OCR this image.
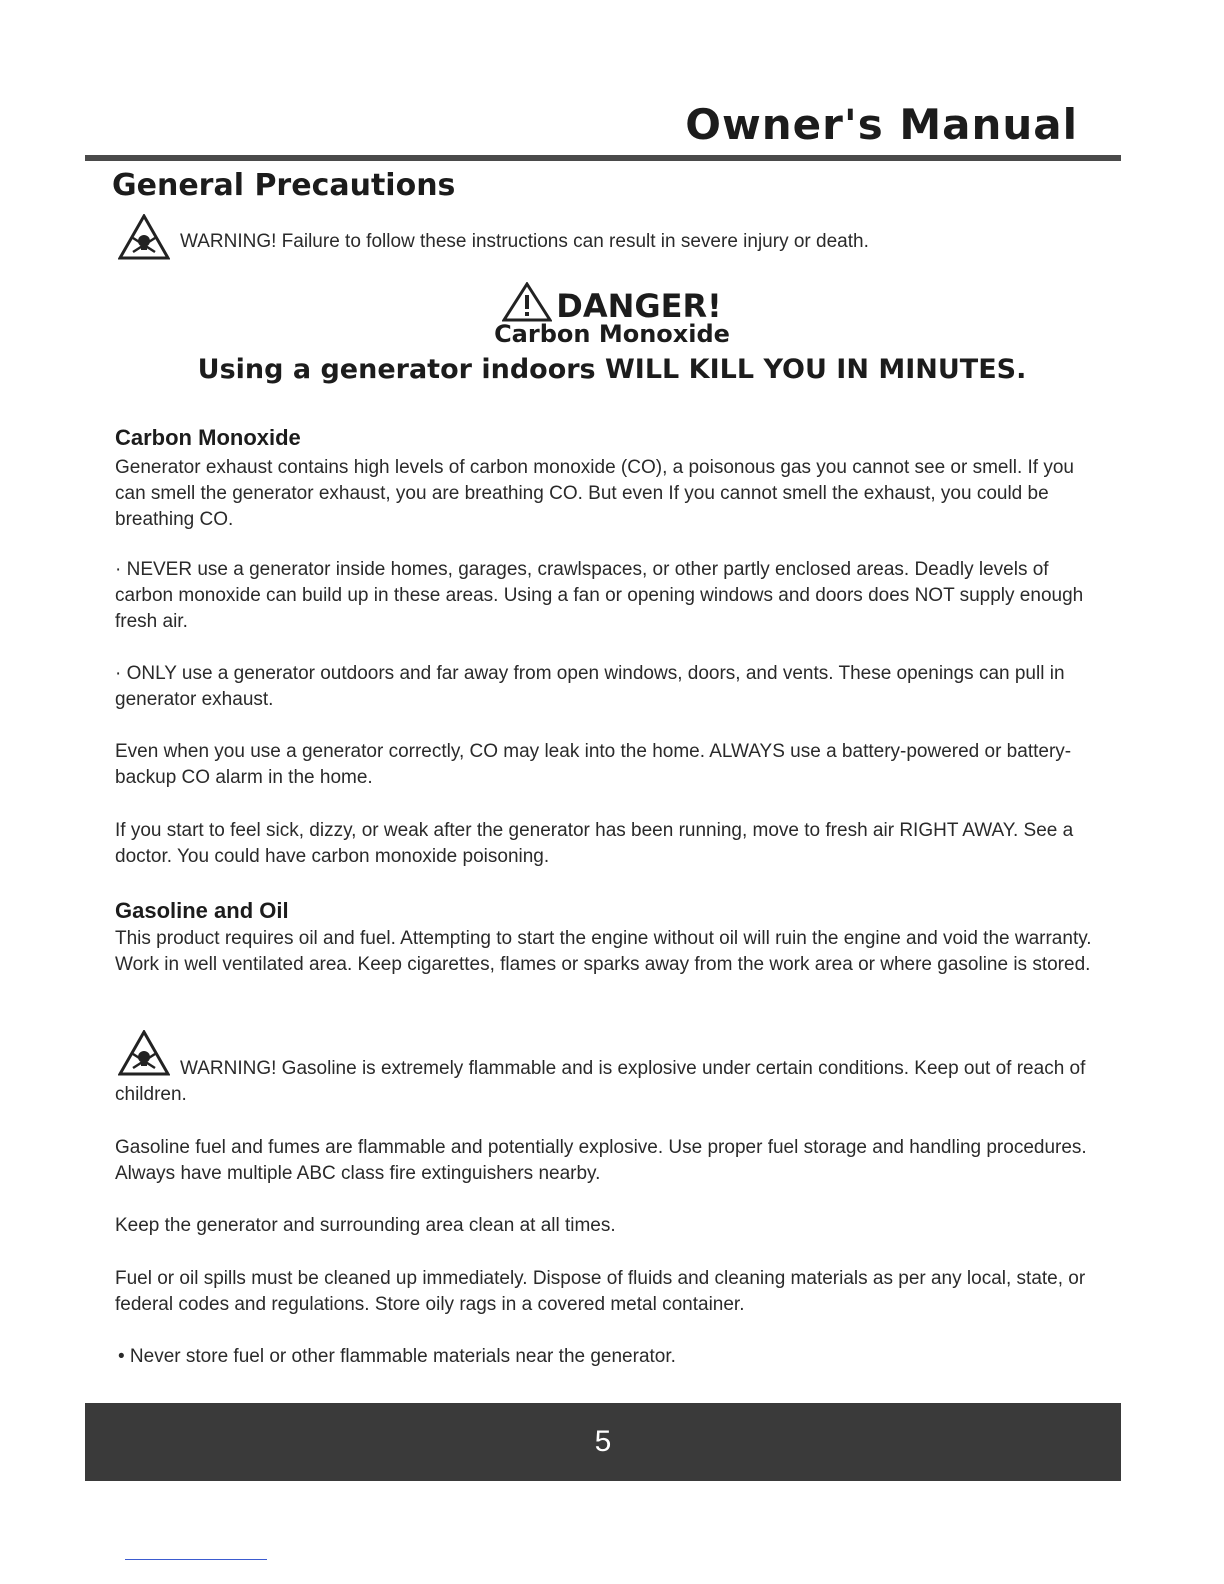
Owner's Manual
General Precautions
WARNING! Failure to follow these instructions can result in severe injury or death.
DANGER!
Carbon Monoxide
Using a generator indoors WILL KILL YOU IN MINUTES.
Carbon Monoxide

Generator exhaust contains high levels of carbon monoxide (CO), a poisonous gas you cannot see or smell. If you can smell the generator exhaust, you are breathing CO. But even If you cannot smell the exhaust, you could be breathing CO.

· NEVER use a generator inside homes, garages, crawlspaces, or other partly enclosed areas. Deadly levels of carbon monoxide can build up in these areas. Using a fan or opening windows and doors does NOT supply enough fresh air.

· ONLY use a generator outdoors and far away from open windows, doors, and vents. These openings can pull in generator exhaust.

Even when you use a generator correctly, CO may leak into the home. ALWAYS use a battery-powered or battery-backup CO alarm in the home.

If you start to feel sick, dizzy, or weak after the generator has been running, move to fresh air RIGHT AWAY. See a doctor. You could have carbon monoxide poisoning.

Gasoline and Oil

This product requires oil and fuel. Attempting to start the engine without oil will ruin the engine and void the warranty. Work in well ventilated area. Keep cigarettes, flames or sparks away from the work area or where gasoline is stored.

WARNING! Gasoline is extremely flammable and is explosive under certain conditions. Keep out of reach of children.

Gasoline fuel and fumes are flammable and potentially explosive. Use proper fuel storage and handling procedures. Always have multiple ABC class fire extinguishers nearby.

Keep the generator and surrounding area clean at all times.

Fuel or oil spills must be cleaned up immediately. Dispose of fluids and cleaning materials as per any local, state, or federal codes and regulations. Store oily rags in a covered metal container.

• Never store fuel or other flammable materials near the generator.

5
